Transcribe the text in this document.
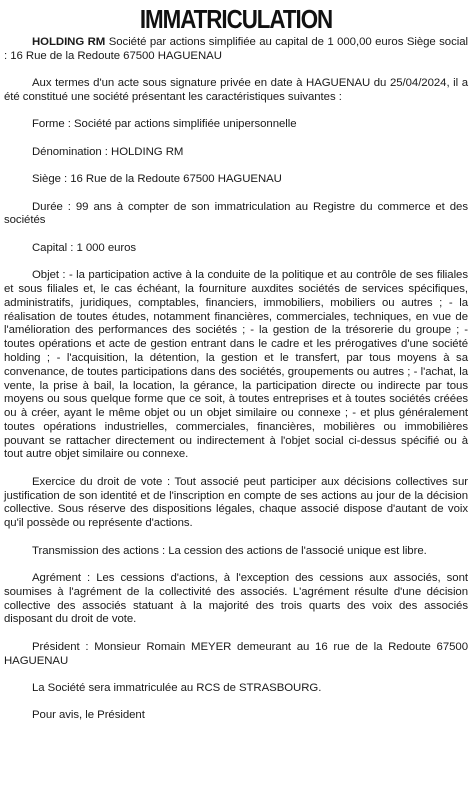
IMMATRICULATION

HOLDING RM Société par actions simplifiée au capital de 1 000,00 euros Siège social : 16 Rue de la Redoute 67500 HAGUENAU

Aux termes d'un acte sous signature privée en date à HAGUENAU du 25/04/2024, il a été constitué une société présentant les caractéristiques suivantes :

Forme : Société par actions simplifiée unipersonnelle

Dénomination : HOLDING RM

Siège : 16 Rue de la Redoute 67500 HAGUENAU

Durée : 99 ans à compter de son immatriculation au Registre du commerce et des sociétés

Capital : 1 000 euros

Objet : - la participation active à la conduite de la politique et au contrôle de ses filiales et sous filiales et, le cas échéant, la fourniture auxdites sociétés de services spécifiques, administratifs, juridiques, comptables, financiers, immobiliers, mobiliers ou autres ; - la réalisation de toutes études, notamment financières, commerciales, techniques, en vue de l'amélioration des performances des sociétés ; - la gestion de la trésorerie du groupe ; - toutes opérations et acte de gestion entrant dans le cadre et les prérogatives d'une société holding ; - l'acquisition, la détention, la gestion et le transfert, par tous moyens à sa convenance, de toutes participations dans des sociétés, groupements ou autres ; - l'achat, la vente, la prise à bail, la location, la gérance, la participation directe ou indirecte par tous moyens ou sous quelque forme que ce soit, à toutes entreprises et à toutes sociétés créées ou à créer, ayant le même objet ou un objet similaire ou connexe ; - et plus généralement toutes opérations industrielles, commerciales, financières, mobilières ou immobilières pouvant se rattacher directement ou indirectement à l'objet social ci-dessus spécifié ou à tout autre objet similaire ou connexe.

Exercice du droit de vote : Tout associé peut participer aux décisions collectives sur justification de son identité et de l'inscription en compte de ses actions au jour de la décision collective. Sous réserve des dispositions légales, chaque associé dispose d'autant de voix qu'il possède ou représente d'actions.

Transmission des actions : La cession des actions de l'associé unique est libre.

Agrément : Les cessions d'actions, à l'exception des cessions aux associés, sont soumises à l'agrément de la collectivité des associés. L'agrément résulte d'une décision collective des associés statuant à la majorité des trois quarts des voix des associés disposant du droit de vote.

Président : Monsieur Romain MEYER demeurant au 16 rue de la Redoute 67500 HAGUENAU

La Société sera immatriculée au RCS de STRASBOURG.

Pour avis, le Président
